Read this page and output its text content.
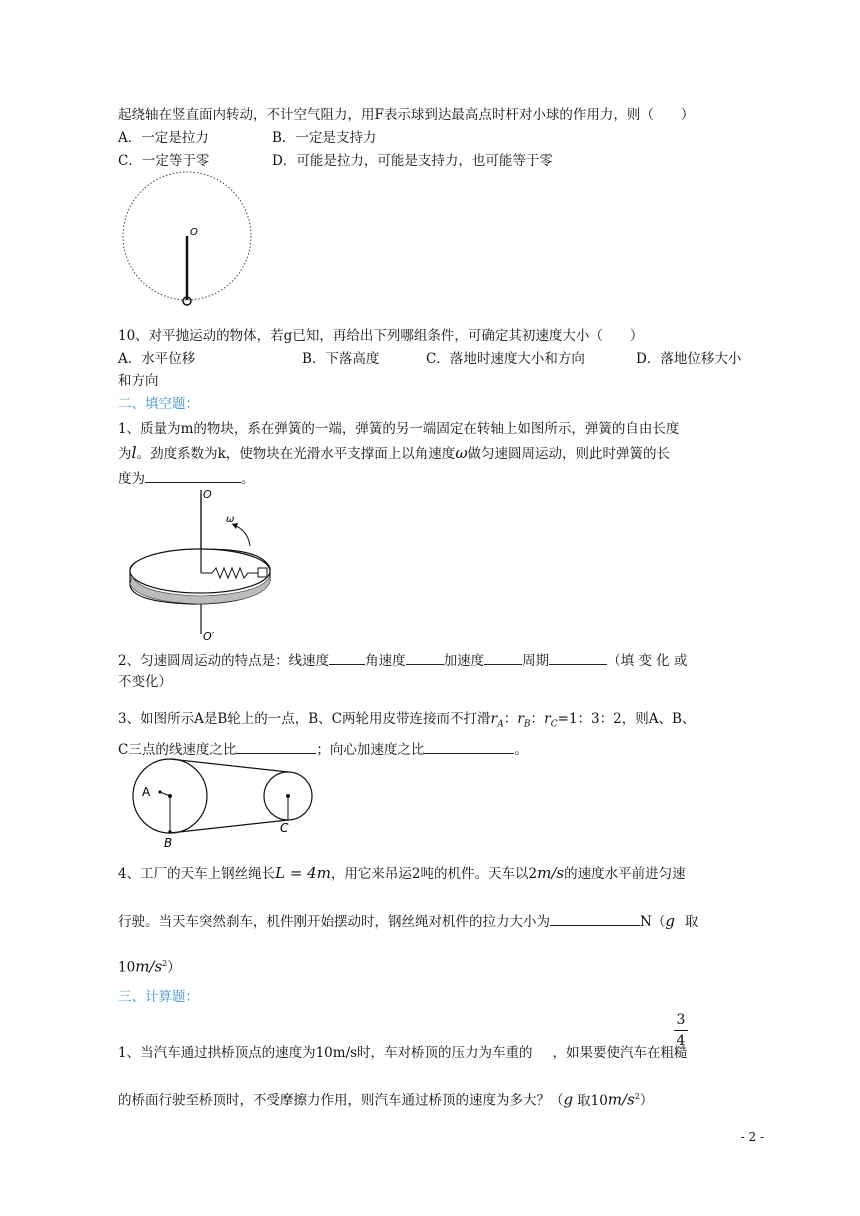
起绕轴在竖直面内转动，不计空气阻力，用F表示球到达最高点时杆对小球的作用力，则（　　）
A．一定是拉力	B．一定是支持力
C．一定等于零	D．可能是拉力，可能是支持力，也可能等于零
O
10、对平抛运动的物体，若g已知，再给出下列哪组条件，可确定其初速度大小（　　）
A．水平位移	B．下落高度	C．落地时速度大小和方向	D．落地位移大小
和方向
二、填空题：
1、质量为m的物块，系在弹簧的一端，弹簧的另一端固定在转轴上如图所示，弹簧的自由长度
为l。劲度系数为k，使物块在光滑水平支撑面上以角速度ω做匀速圆周运动，则此时弹簧的长
度为	。
O
ω
O′
2、匀速圆周运动的特点是：线速度	角速度	加速度	周期	（填 变 化 或
不变化）
3、如图所示A是B轮上的一点，B、C两轮用皮带连接而不打滑$r_A$：$r_B$：$r_C=1$：3：2，则A、B、
C三点的线速度之比	；向心加速度之比	。
A
B
C
4、工厂的天车上钢丝绳长L = 4m，用它来吊运2吨的机件。天车以2m/s的速度水平前进匀速
行驶。当天车突然刹车，机件刚开始摆动时，钢丝绳对机件的拉力大小为	N（g 取
$10m/s^2$）
三、计算题：
3
4
1、当汽车通过拱桥顶点的速度为10m/s时，车对桥顶的压力为车重的 ，如果要使汽车在粗糙
的桥面行驶至桥顶时，不受摩擦力作用，则汽车通过桥顶的速度为多大？（g 取$10m/s^2$）
- 2 -
